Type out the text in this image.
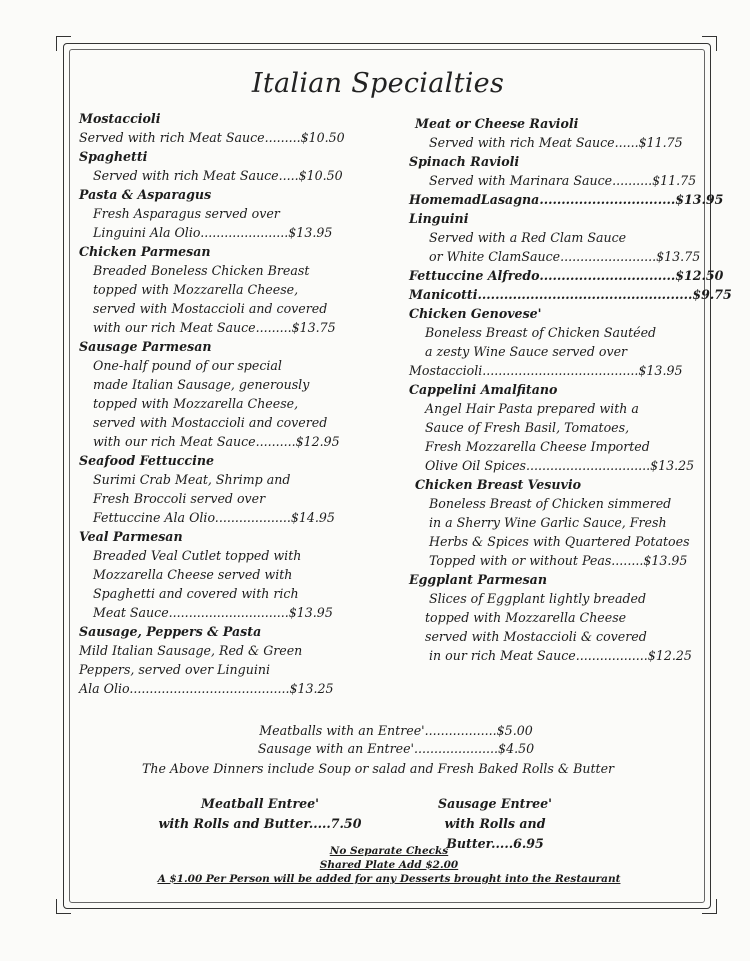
Italian Specialties
Mostaccioli
Served with rich Meat Sauce.........$10.50
Spaghetti
Served with rich Meat Sauce.....$10.50
Pasta & Asparagus
Fresh Asparagus served over
Linguini Ala Olio......................$13.95
Chicken Parmesan
Breaded Boneless Chicken Breast
topped with Mozzarella Cheese,
served with Mostaccioli and covered
with our rich Meat Sauce.........$13.75
Sausage Parmesan
One-half pound of our special
made Italian Sausage, generously
topped with Mozzarella Cheese,
served with Mostaccioli and covered
with our rich Meat Sauce..........$12.95
Seafood Fettuccine
Surimi Crab Meat, Shrimp and
Fresh Broccoli served over
Fettuccine Ala Olio...................$14.95
Veal Parmesan
Breaded Veal Cutlet topped with
Mozzarella Cheese served with
Spaghetti and covered with rich
Meat Sauce..............................$13.95
Sausage, Peppers & Pasta
Mild Italian Sausage, Red & Green
Peppers, served over Linguini
Ala Olio........................................$13.25
Meat or Cheese Ravioli
Served with rich Meat Sauce......$11.75
Spinach Ravioli
Served with Marinara Sauce..........$11.75
HomemadLasagna...............................$13.95
Linguini
Served with a Red Clam Sauce
or White ClamSauce........................$13.75
Fettuccine Alfredo...............................$12.50
Manicotti.................................................$9.75
Chicken Genovese'
Boneless Breast of Chicken Sautéed
a zesty Wine Sauce served over
Mostaccioli.......................................$13.95
Cappelini Amalfitano
Angel Hair Pasta prepared with a
Sauce of Fresh Basil, Tomatoes,
Fresh Mozzarella Cheese Imported
Olive Oil Spices...............................$13.25
Chicken Breast Vesuvio
Boneless Breast of Chicken simmered
in a Sherry Wine Garlic Sauce, Fresh
Herbs & Spices with Quartered Potatoes
Topped with or without Peas........$13.95
Eggplant Parmesan
Slices of Eggplant lightly breaded
topped with Mozzarella Cheese
served with Mostaccioli & covered
in our rich Meat Sauce..................$12.25
Meatballs with an Entree'..................$5.00
Sausage with an Entree'.....................$4.50
The Above Dinners include Soup or salad and Fresh Baked Rolls & Butter
Meatball Entree'
with Rolls and Butter.....7.50
Sausage Entree'
with Rolls and Butter.....6.95
No Separate Checks
Shared Plate Add $2.00
A $1.00 Per Person will be added for any Desserts brought into the Restaurant
